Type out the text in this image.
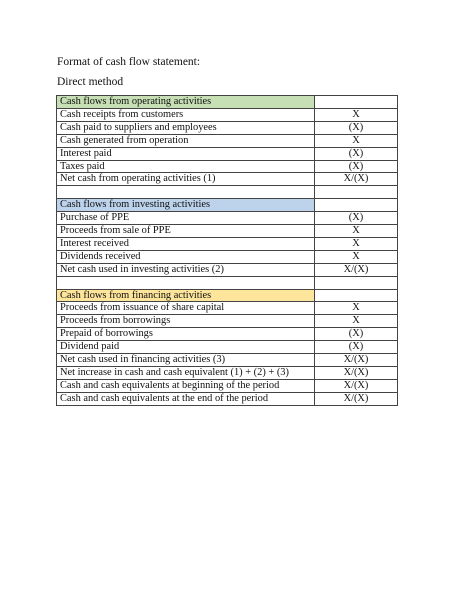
Format of cash flow statement:
Direct method
Cash flows from operating activities	
Cash receipts from customers	X
Cash paid to suppliers and employees	(X)
Cash generated from operation	X
Interest paid	(X)
Taxes paid	(X)
Net cash from operating activities (1)	X/(X)

Cash flows from investing activities	
Purchase of PPE	(X)
Proceeds from sale of PPE	X
Interest received	X
Dividends received	X
Net cash used in investing activities (2)	X/(X)

Cash flows from financing activities	
Proceeds from issuance of share capital	X
Proceeds from borrowings	X
Prepaid of borrowings	(X)
Dividend paid	(X)
Net cash used in financing activities (3)	X/(X)
Net increase in cash and cash equivalent (1) + (2) + (3)	X/(X)
Cash and cash equivalents at beginning of the period	X/(X)
Cash and cash equivalents at the end of the period	X/(X)
